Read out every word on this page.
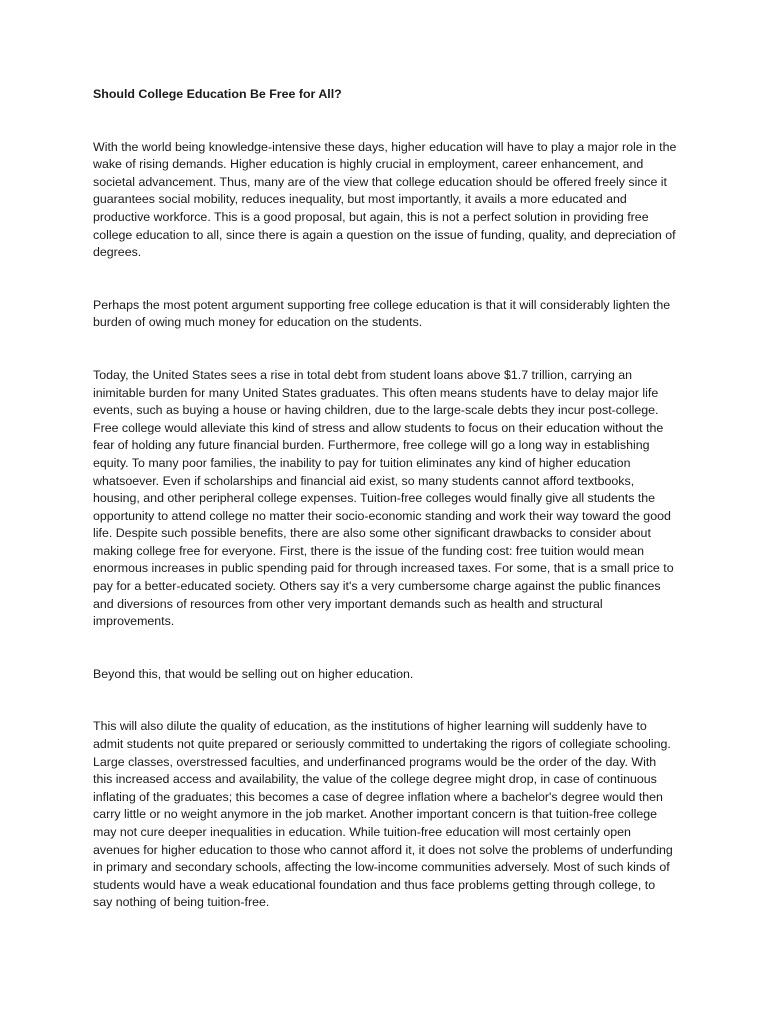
Should College Education Be Free for All?

With the world being knowledge-intensive these days, higher education will have to play a major role in the wake of rising demands. Higher education is highly crucial in employment, career enhancement, and societal advancement. Thus, many are of the view that college education should be offered freely since it guarantees social mobility, reduces inequality, but most importantly, it avails a more educated and productive workforce. This is a good proposal, but again, this is not a perfect solution in providing free college education to all, since there is again a question on the issue of funding, quality, and depreciation of degrees.

Perhaps the most potent argument supporting free college education is that it will considerably lighten the burden of owing much money for education on the students.

Today, the United States sees a rise in total debt from student loans above $1.7 trillion, carrying an inimitable burden for many United States graduates. This often means students have to delay major life events, such as buying a house or having children, due to the large-scale debts they incur post-college. Free college would alleviate this kind of stress and allow students to focus on their education without the fear of holding any future financial burden. Furthermore, free college will go a long way in establishing equity. To many poor families, the inability to pay for tuition eliminates any kind of higher education whatsoever. Even if scholarships and financial aid exist, so many students cannot afford textbooks, housing, and other peripheral college expenses. Tuition-free colleges would finally give all students the opportunity to attend college no matter their socio-economic standing and work their way toward the good life. Despite such possible benefits, there are also some other significant drawbacks to consider about making college free for everyone. First, there is the issue of the funding cost: free tuition would mean enormous increases in public spending paid for through increased taxes. For some, that is a small price to pay for a better-educated society. Others say it's a very cumbersome charge against the public finances and diversions of resources from other very important demands such as health and structural improvements.

Beyond this, that would be selling out on higher education.

This will also dilute the quality of education, as the institutions of higher learning will suddenly have to admit students not quite prepared or seriously committed to undertaking the rigors of collegiate schooling. Large classes, overstressed faculties, and underfinanced programs would be the order of the day. With this increased access and availability, the value of the college degree might drop, in case of continuous inflating of the graduates; this becomes a case of degree inflation where a bachelor's degree would then carry little or no weight anymore in the job market. Another important concern is that tuition-free college may not cure deeper inequalities in education. While tuition-free education will most certainly open avenues for higher education to those who cannot afford it, it does not solve the problems of underfunding in primary and secondary schools, affecting the low-income communities adversely. Most of such kinds of students would have a weak educational foundation and thus face problems getting through college, to say nothing of being tuition-free.
